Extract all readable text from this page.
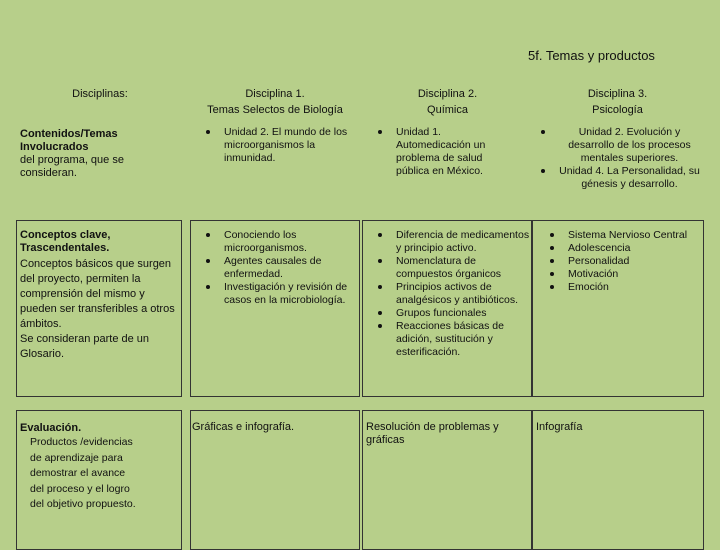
5f. Temas y productos
Disciplinas:	Disciplina 1.
Temas Selectos de Biología
Disciplina 2.
Química
Disciplina 3.
Psicología
Contenidos/Temas Involucrados
del programa, que se consideran.
Unidad 2. El mundo de los microorganismos la inmunidad.
Unidad 1. Automedicación un problema de salud pública en México.
Unidad 2. Evolución y desarrollo de los procesos mentales superiores.
Unidad 4. La Personalidad, su génesis y desarrollo.
Conceptos clave, Trascendentales.
Conceptos básicos que surgen del proyecto, permiten la comprensión del mismo y pueden ser transferibles a otros ámbitos.
Se consideran parte de un Glosario.
Conociendo los microorganismos.
Agentes causales de enfermedad.
Investigación y revisión de casos en la microbiología.
Diferencia de medicamentos y principio activo.
Nomenclatura de compuestos órganicos
Principios activos de analgésicos y antibióticos.
Grupos funcionales
Reacciones básicas de adición, sustitución y esterificación.
Sistema Nervioso Central
Adolescencia
Personalidad
Motivación
Emoción
Evaluación.
Productos /evidencias de aprendizaje para demostrar el avance del proceso y el logro del objetivo propuesto.
Gráficas e infografía.	Resolución de problemas y gráficas
Infografía
